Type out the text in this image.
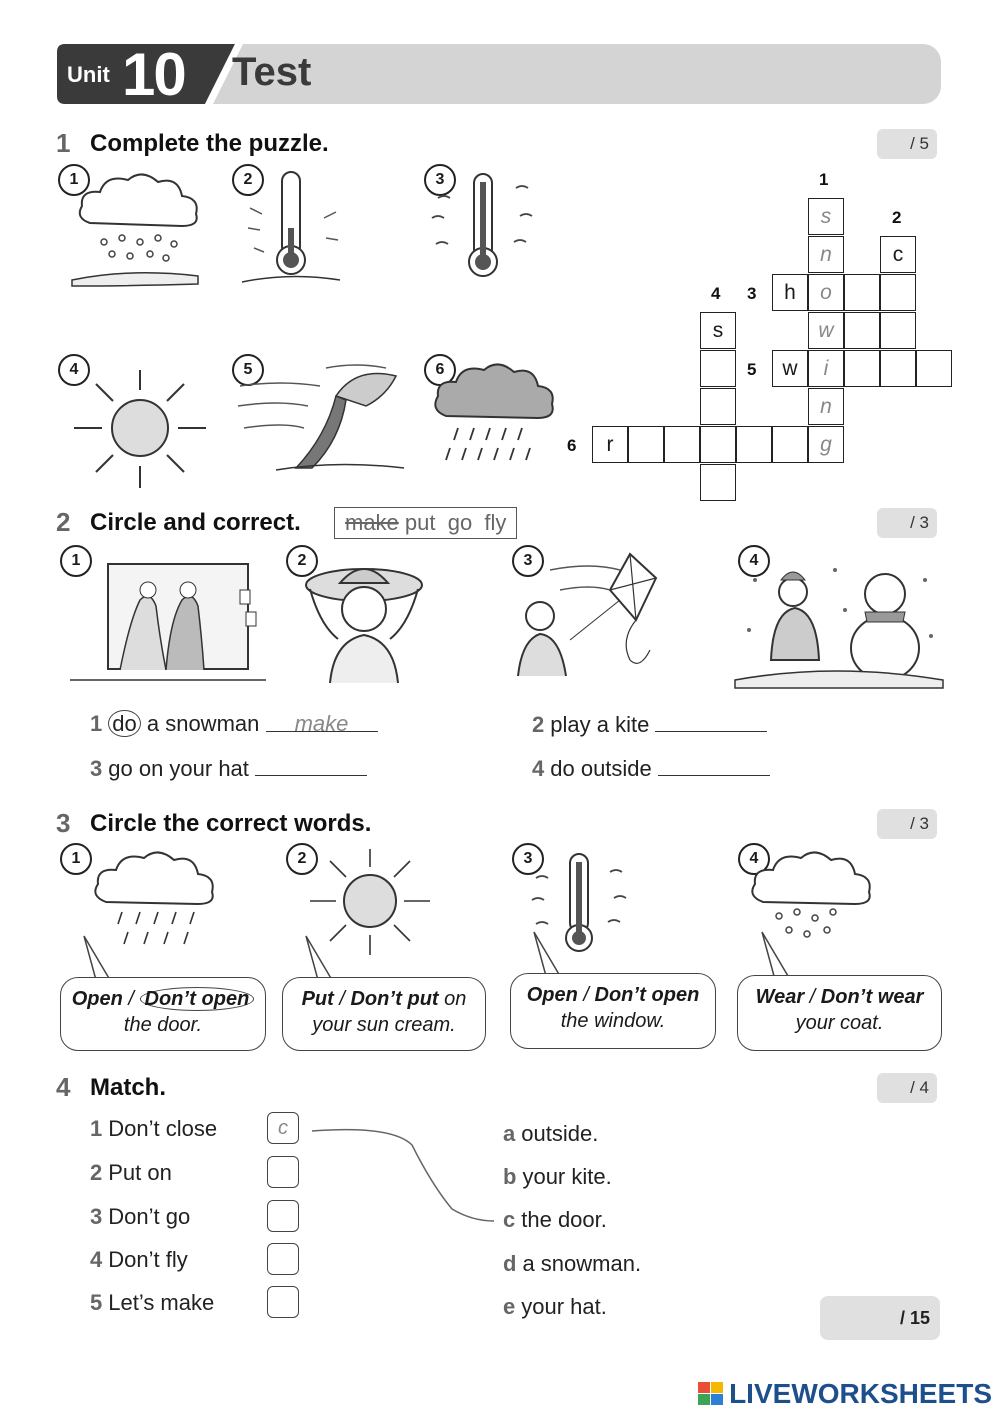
Unit 10 Test
1 Complete the puzzle.	/ 5
1	2	3
4	5	6
1
2
3
4
5
6
s
n
o
w
i
n
g
c
h
s
w
r
2 Circle and correct.	make put  go  fly	/ 3
1	2	3	4
1 do a snowman make	2 play a kite
3 go on your hat	4 do outside
3 Circle the correct words.	/ 3
1	2	3	4
Open / Don’t open
the door.
Put / Don’t put on
your sun cream.
Open / Don’t open
the window.
Wear / Don’t wear
your coat.
4 Match.	/ 4
1 Don’t close
2 Put on
3 Don’t go
4 Don’t fly
5 Let’s make
c	a outside.
b your kite.
c the door.
d a snowman.
e your hat.	/ 15
LIVEWORKSHEETS
